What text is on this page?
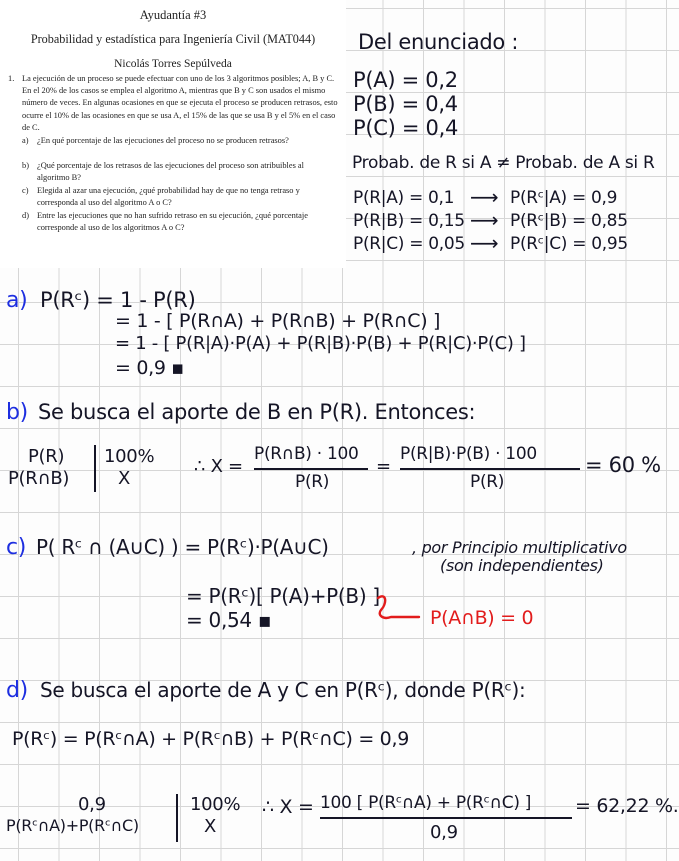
Ayudantía #3
Probabilidad y estadística para Ingeniería Civil (MAT044)
Nicolás Torres Sepúlveda
1. La ejecución de un proceso se puede efectuar con uno de los 3 algoritmos posibles; A, B y C. En el 20% de los casos se emplea el algoritmo A, mientras que B y C son usados el mismo número de veces. En algunas ocasiones en que se ejecuta el proceso se producen retrasos, esto ocurre el 10% de las ocasiones en que se usa A, el 15% de las que se usa B y el 5% en el caso de C.
a) ¿En qué porcentaje de las ejecuciones del proceso no se producen retrasos?
b) ¿Qué porcentaje de los retrasos de las ejecuciones del proceso son atribuibles al algoritmo B?
c) Elegida al azar una ejecución, ¿qué probabilidad hay de que no tenga retraso y corresponda al uso del algoritmo A o C?
d) Entre las ejecuciones que no han sufrido retraso en su ejecución, ¿qué porcentaje corresponde al uso de los algoritmos A o C?
Del enunciado :
P(A) = 0,2
P(B) = 0,4
P(C) = 0,4
Probab. de R si A ≠ Probab. de A si R
P(R|A) = 0,1 ⟶ P(Rᶜ|A) = 0,9
P(R|B) = 0,15 ⟶ P(Rᶜ|B) = 0,85
P(R|C) = 0,05 ⟶ P(Rᶜ|C) = 0,95
a) P(Rᶜ) = 1 - P(R)
= 1 - [ P(R∩A) + P(R∩B) + P(R∩C) ]
= 1 - [ P(R|A)·P(A) + P(R|B)·P(B) + P(R|C)·P(C) ]
= 0,9 ▪
b) Se busca el aporte de B en P(R). Entonces:
P(R)
P(R∩B)
100%
X
∴ X =
P(R∩B) · 100
P(R)
=
P(R|B)·P(B) · 100
P(R)
= 60 %
c) P( Rᶜ ∩ (A∪C) ) = P(Rᶜ)·P(A∪C)	, por Principio multiplicativo
(son independientes)
= P(Rᶜ)[ P(A)+P(B) ]
= 0,54 ▪	P(A∩B) = 0
d) Se busca el aporte de A y C en P(Rᶜ), donde P(Rᶜ):
P(Rᶜ) = P(Rᶜ∩A) + P(Rᶜ∩B) + P(Rᶜ∩C) = 0,9
0,9
P(Rᶜ∩A)+P(Rᶜ∩C)
100%
X
∴ X = 100 [ P(Rᶜ∩A) + P(Rᶜ∩C) ]
0,9
= 62,22 %.
